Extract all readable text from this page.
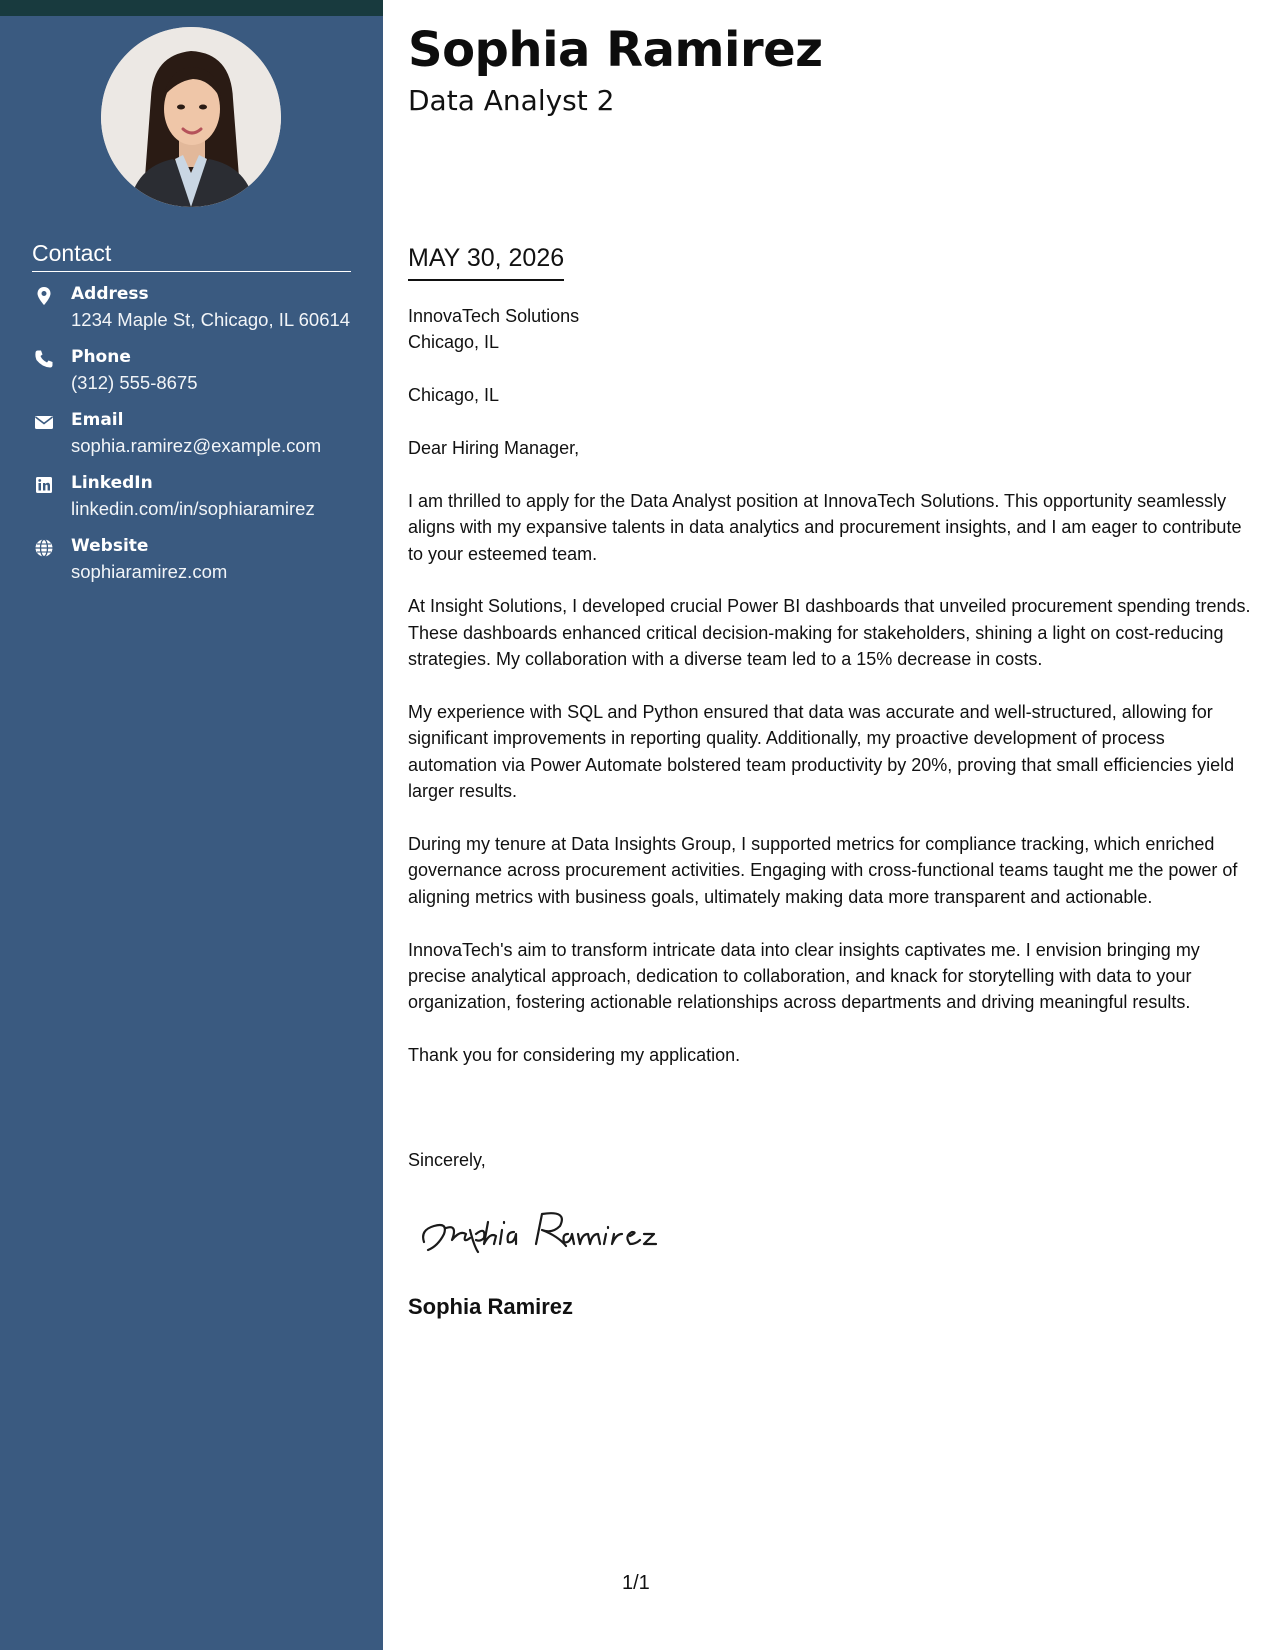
Contact
Address
1234 Maple St, Chicago, IL 60614
Phone
(312) 555-8675
Email
sophia.ramirez@example.com
LinkedIn
linkedin.com/in/sophiaramirez
Website
sophiaramirez.com
Sophia Ramirez
Data Analyst 2
MAY 30, 2026

InnovaTech Solutions
Chicago, IL

Chicago, IL

Dear Hiring Manager,

I am thrilled to apply for the Data Analyst position at InnovaTech Solutions. This opportunity seamlessly aligns with my expansive talents in data analytics and procurement insights, and I am eager to contribute to your esteemed team.

At Insight Solutions, I developed crucial Power BI dashboards that unveiled procurement spending trends. These dashboards enhanced critical decision-making for stakeholders, shining a light on cost-reducing strategies. My collaboration with a diverse team led to a 15% decrease in costs.

My experience with SQL and Python ensured that data was accurate and well-structured, allowing for significant improvements in reporting quality. Additionally, my proactive development of process automation via Power Automate bolstered team productivity by 20%, proving that small efficiencies yield larger results.

During my tenure at Data Insights Group, I supported metrics for compliance tracking, which enriched governance across procurement activities. Engaging with cross-functional teams taught me the power of aligning metrics with business goals, ultimately making data more transparent and actionable.

InnovaTech's aim to transform intricate data into clear insights captivates me. I envision bringing my precise analytical approach, dedication to collaboration, and knack for storytelling with data to your organization, fostering actionable relationships across departments and driving meaningful results.

Thank you for considering my application.

Sincerely,
Sophia Ramirez
1/1
